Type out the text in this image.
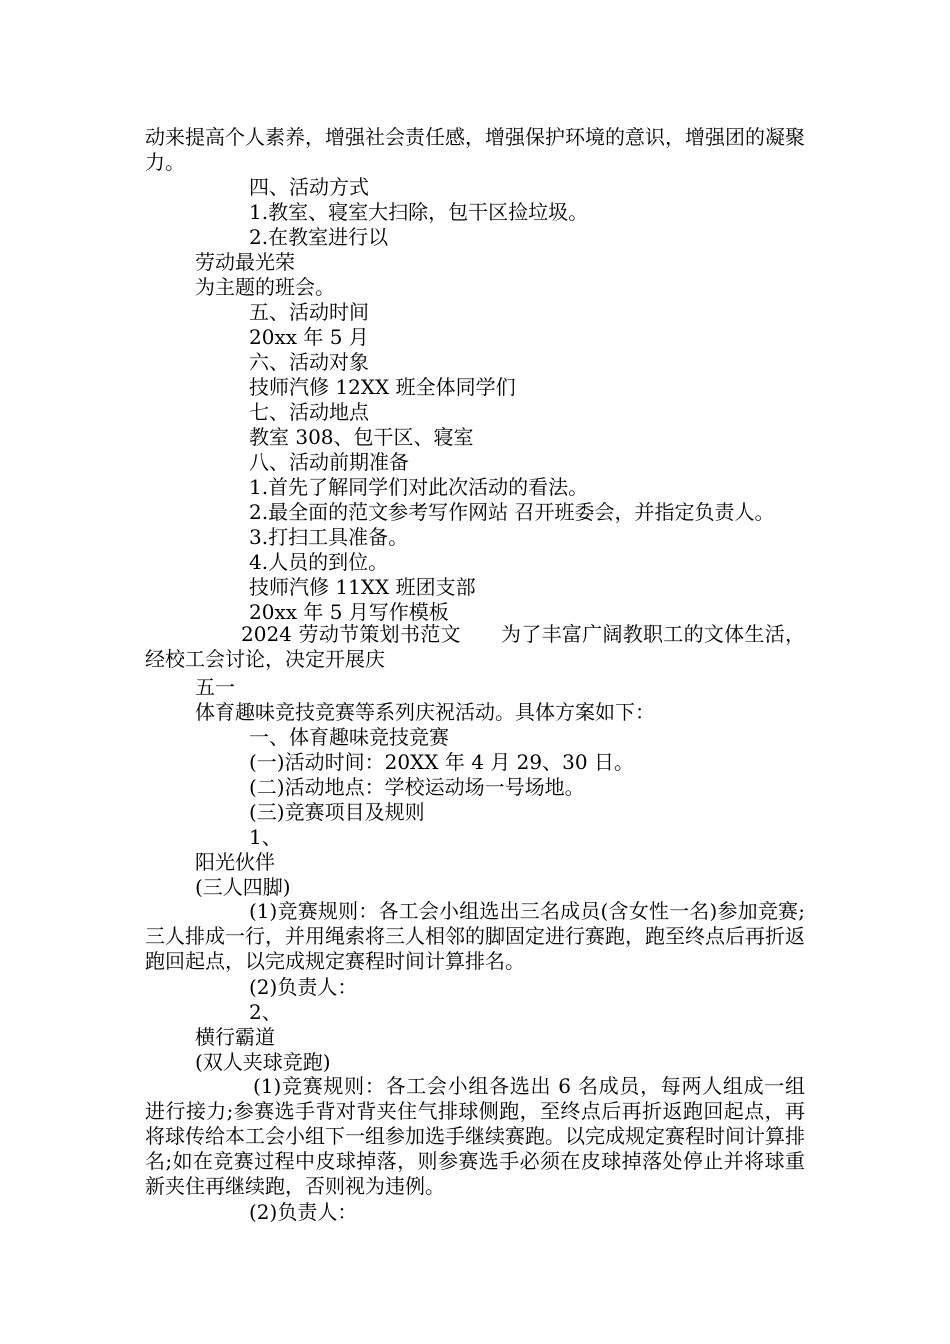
动来提高个人素养，增强社会责任感，增强保护环境的意识，增强团的凝聚力。
四、活动方式
1.教室、寝室大扫除，包干区捡垃圾。
2.在教室进行以
劳动最光荣
为主题的班会。
五、活动时间
20xx 年 5 月
六、活动对象
技师汽修 12XX 班全体同学们
七、活动地点
教室 308、包干区、寝室
八、活动前期准备
1.首先了解同学们对此次活动的看法。
2.最全面的范文参考写作网站 召开班委会，并指定负责人。
3.打扫工具准备。
4.人员的到位。
技师汽修 11XX 班团支部
20xx 年 5 月写作模板
2024 劳动节策划书范文 为了丰富广阔教职工的文体生活，经校工会讨论，决定开展庆
五一
体育趣味竞技竞赛等系列庆祝活动。具体方案如下：
一、体育趣味竞技竞赛
(一)活动时间：20XX 年 4 月 29、30 日。
(二)活动地点：学校运动场一号场地。
(三)竞赛项目及规则
1、
阳光伙伴
(三人四脚)
(1)竞赛规则：各工会小组选出三名成员(含女性一名)参加竞赛;三人排成一行，并用绳索将三人相邻的脚固定进行赛跑，跑至终点后再折返跑回起点，以完成规定赛程时间计算排名。
(2)负责人：
2、
横行霸道
(双人夹球竞跑)
(1)竞赛规则：各工会小组各选出 6 名成员，每两人组成一组进行接力;参赛选手背对背夹住气排球侧跑，至终点后再折返跑回起点，再将球传给本工会小组下一组参加选手继续赛跑。以完成规定赛程时间计算排名;如在竞赛过程中皮球掉落，则参赛选手必须在皮球掉落处停止并将球重新夹住再继续跑，否则视为违例。
(2)负责人：
